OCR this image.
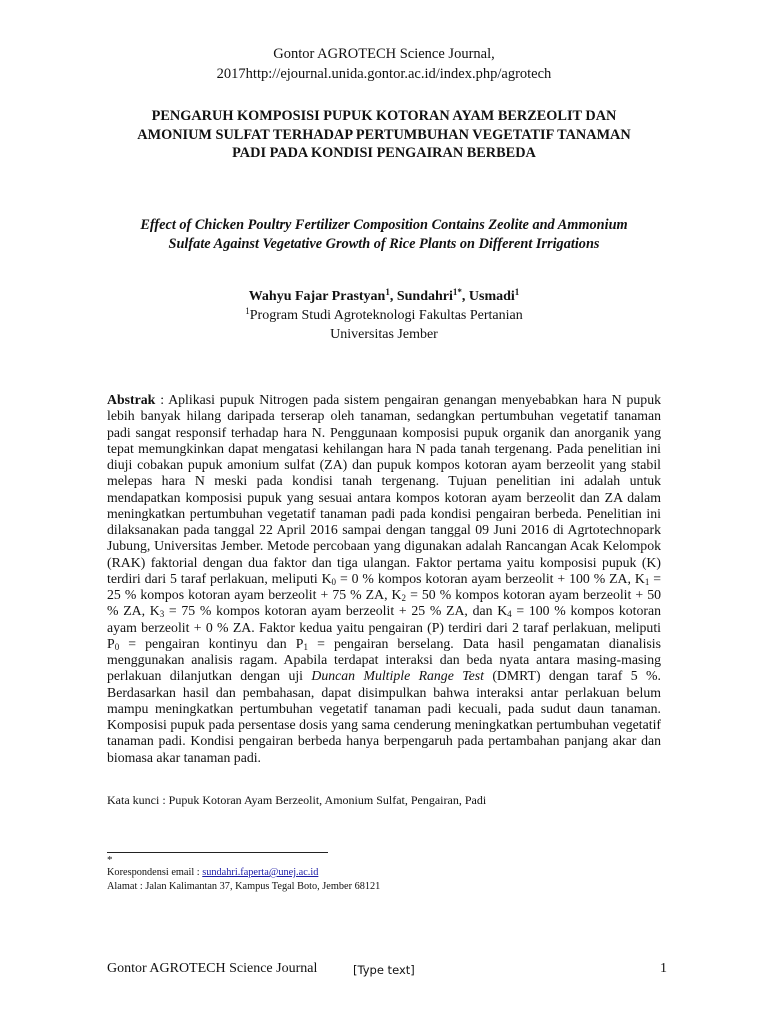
Gontor AGROTECH Science Journal,
2017http://ejournal.unida.gontor.ac.id/index.php/agrotech
PENGARUH KOMPOSISI PUPUK KOTORAN AYAM BERZEOLIT DAN
AMONIUM SULFAT TERHADAP PERTUMBUHAN VEGETATIF TANAMAN
PADI PADA KONDISI PENGAIRAN BERBEDA
Effect of Chicken Poultry Fertilizer Composition Contains Zeolite and Ammonium
Sulfate Against Vegetative Growth of Rice Plants on Different Irrigations
Wahyu Fajar Prastyan$^1$, Sundahri$^{1*}$, Usmadi$^1$
$^1$Program Studi Agroteknologi Fakultas Pertanian
Universitas Jember

Abstrak : Aplikasi pupuk Nitrogen pada sistem pengairan genangan menyebabkan hara N pupuk lebih banyak hilang daripada terserap oleh tanaman, sedangkan pertumbuhan vegetatif tanaman padi sangat responsif terhadap hara N. Penggunaan komposisi pupuk organik dan anorganik yang tepat memungkinkan dapat mengatasi kehilangan hara N pada tanah tergenang. Pada penelitian ini diuji cobakan pupuk amonium sulfat (ZA) dan pupuk kompos kotoran ayam berzeolit yang stabil melepas hara N meski pada kondisi tanah tergenang. Tujuan penelitian ini adalah untuk mendapatkan komposisi pupuk yang sesuai antara kompos kotoran ayam berzeolit dan ZA dalam meningkatkan pertumbuhan vegetatif tanaman padi pada kondisi pengairan berbeda. Penelitian ini dilaksanakan pada tanggal 22 April 2016 sampai dengan tanggal 09 Juni 2016 di Agrtotechnopark Jubung, Universitas Jember. Metode percobaan yang digunakan adalah Rancangan Acak Kelompok (RAK) faktorial dengan dua faktor dan tiga ulangan. Faktor pertama yaitu komposisi pupuk (K) terdiri dari 5 taraf perlakuan, meliputi $K_0 = 0$ % kompos kotoran ayam berzeolit + 100 % ZA, $K_1 = 25$ % kompos kotoran ayam berzeolit + 75 % ZA, $K_2 = 50$ % kompos kotoran ayam berzeolit + 50 % ZA, $K_3 = 75$ % kompos kotoran ayam berzeolit + 25 % ZA, dan $K_4 = 100$ % kompos kotoran ayam berzeolit + 0 % ZA. Faktor kedua yaitu pengairan (P) terdiri dari 2 taraf perlakuan, meliputi $P_0$ = pengairan kontinyu dan $P_1$ = pengairan berselang. Data hasil pengamatan dianalisis menggunakan analisis ragam. Apabila terdapat interaksi dan beda nyata antara masing-masing perlakuan dilanjutkan dengan uji Duncan Multiple Range Test (DMRT) dengan taraf 5 %. Berdasarkan hasil dan pembahasan, dapat disimpulkan bahwa interaksi antar perlakuan belum mampu meningkatkan pertumbuhan vegetatif tanaman padi kecuali, pada sudut daun tanaman. Komposisi pupuk pada persentase dosis yang sama cenderung meningkatkan pertumbuhan vegetatif tanaman padi. Kondisi pengairan berbeda hanya berpengaruh pada pertambahan panjang akar dan biomasa akar tanaman padi.

Kata kunci : Pupuk Kotoran Ayam Berzeolit, Amonium Sulfat, Pengairan, Padi
*
Korespondensi email : sundahri.faperta@unej.ac.id
Alamat : Jalan Kalimantan 37, Kampus Tegal Boto, Jember 68121
Gontor AGROTECH Science Journal	[Type text]	1
